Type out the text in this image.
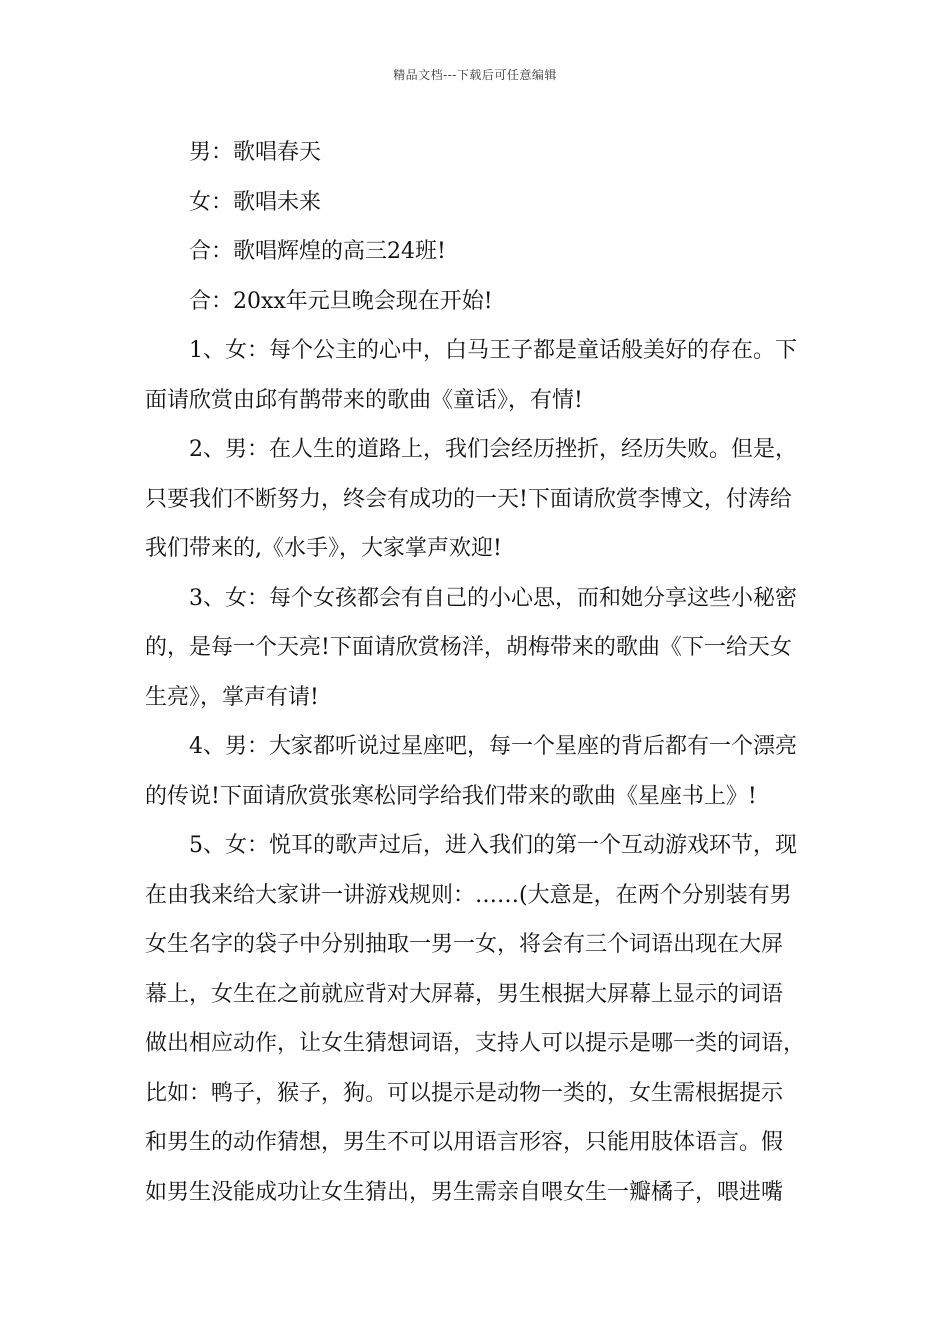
精品文档---下载后可任意编辑
男：歌唱春天
女：歌唱未来
合：歌唱辉煌的高三24班!
合：20xx年元旦晚会现在开始!
1、女：每个公主的心中，白马王子都是童话般美好的存在。下
面请欣赏由邱有鹊带来的歌曲《童话》，有情!
2、男：在人生的道路上，我们会经历挫折，经历失败。但是，
只要我们不断努力，终会有成功的一天!下面请欣赏李博文，付涛给
我们带来的,《水手》，大家掌声欢迎!
3、女：每个女孩都会有自己的小心思，而和她分享这些小秘密
的，是每一个天亮!下面请欣赏杨洋，胡梅带来的歌曲《下一给天女
生亮》，掌声有请!
4、男：大家都听说过星座吧，每一个星座的背后都有一个漂亮
的传说!下面请欣赏张寒松同学给我们带来的歌曲《星座书上》!
5、女：悦耳的歌声过后，进入我们的第一个互动游戏环节，现
在由我来给大家讲一讲游戏规则：……(大意是，在两个分别装有男
女生名字的袋子中分别抽取一男一女，将会有三个词语出现在大屏
幕上，女生在之前就应背对大屏幕，男生根据大屏幕上显示的词语
做出相应动作，让女生猜想词语，支持人可以提示是哪一类的词语，
比如：鸭子，猴子，狗。可以提示是动物一类的，女生需根据提示
和男生的动作猜想，男生不可以用语言形容，只能用肢体语言。假
如男生没能成功让女生猜出，男生需亲自喂女生一瓣橘子，喂进嘴
